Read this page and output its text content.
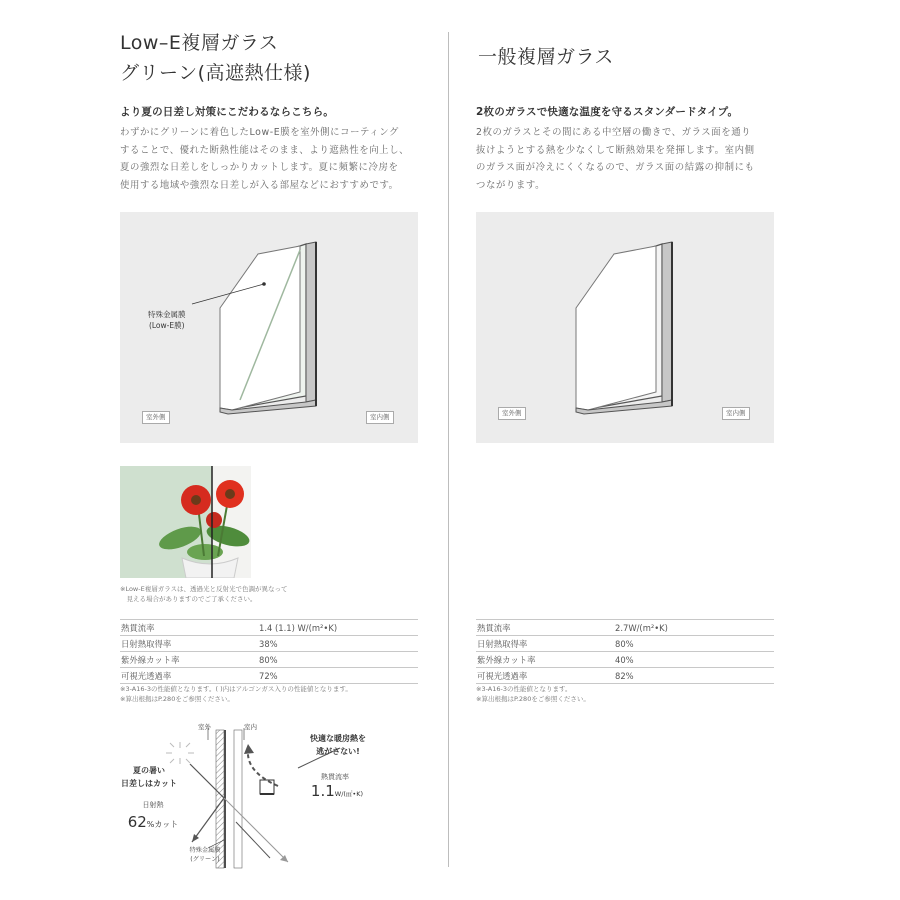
Low–E複層ガラス
グリーン(高遮熱仕様)
より夏の日差し対策にこだわるならこちら。
わずかにグリーンに着色したLow-E膜を室外側にコーティング
することで、優れた断熱性能はそのまま、より遮熱性を向上し、
夏の強烈な日差しをしっかりカットします。夏に頻繁に冷房を
使用する地域や強烈な日差しが入る部屋などにおすすめです。
特殊金属膜
(Low-E膜)
室外側	室内側
※Low-E複層ガラスは、透過光と反射光で色調が異なって
　見える場合がありますのでご了承ください。
熱貫流率	1.4 (1.1) W/(m²•K)
日射熱取得率	38%
紫外線カット率	80%
可視光透過率	72%
※3-A16-3の性能値となります。( )内はアルゴンガス入りの性能値となります。
※算出根拠はP.280をご参照ください。
室外	室内
夏の暑い
日差しはカット
日射熱
62%カット
快適な暖房熱を
逃がさない!
熱貫流率
1.1W/(㎡•K)
特殊金属膜
(グリーン)
一般複層ガラス
2枚のガラスで快適な温度を守るスタンダードタイプ。
2枚のガラスとその間にある中空層の働きで、ガラス面を通り
抜けようとする熱を少なくして断熱効果を発揮します。室内側
のガラス面が冷えにくくなるので、ガラス面の結露の抑制にも
つながります。
室外側	室内側
熱貫流率	2.7W/(m²•K)
日射熱取得率	80%
紫外線カット率	40%
可視光透過率	82%
※3-A16-3の性能値となります。
※算出根拠はP.280をご参照ください。
